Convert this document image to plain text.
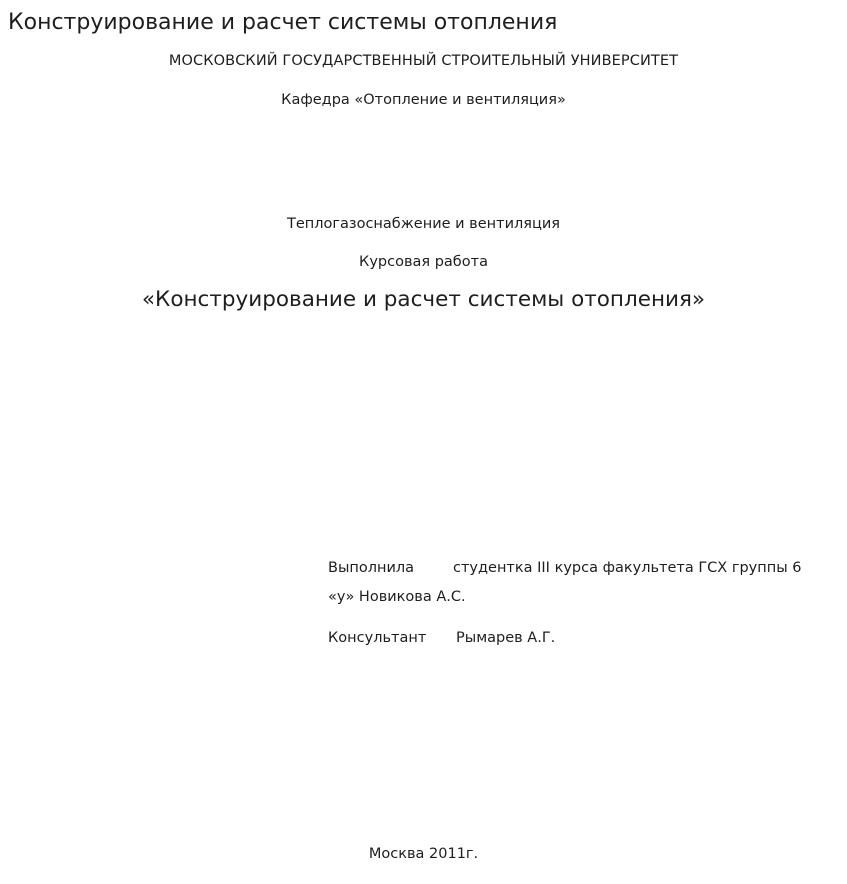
Конструирование и расчет системы отопления
МОСКОВСКИЙ ГОСУДАРСТВЕННЫЙ СТРОИТЕЛЬНЫЙ УНИВЕРСИТЕТ
Кафедра «Отопление и вентиляция»
Теплогазоснабжение и вентиляция
Курсовая работа
«Конструирование и расчет системы отопления»
Выполнила	студентка III курса факультета ГСХ группы 6
«у» Новикова А.С.
Консультант Рымарев А.Г.
Москва 2011г.
